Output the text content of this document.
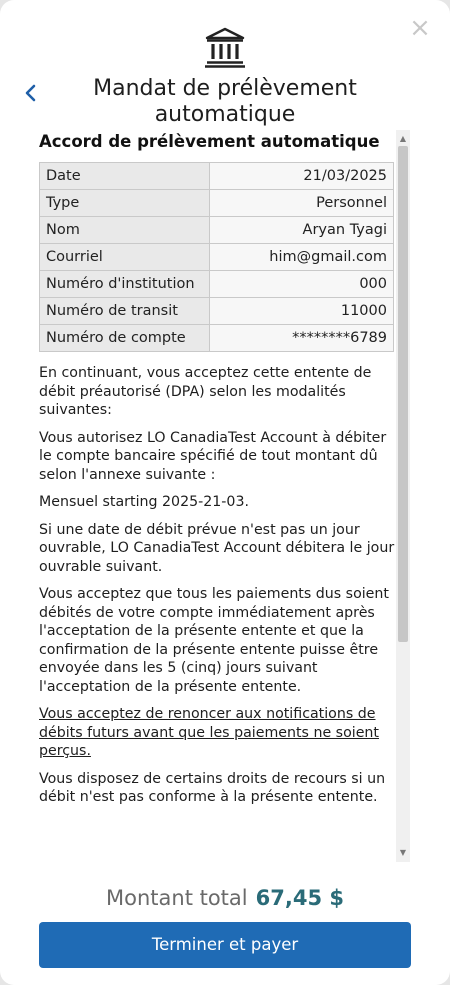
×
Mandat de prélèvement automatique
Accord de prélèvement automatique
Date	21/03/2025
Type	Personnel
Nom	Aryan Tyagi
Courriel	him@gmail.com
Numéro d'institution	000
Numéro de transit	11000
Numéro de compte	********6789

En continuant, vous acceptez cette entente de débit préautorisé (DPA) selon les modalités suivantes:

Vous autorisez LO CanadiaTest Account à débiter le compte bancaire spécifié de tout montant dû selon l'annexe suivante :

Mensuel starting 2025-21-03.

Si une date de débit prévue n'est pas un jour ouvrable, LO CanadiaTest Account débitera le jour ouvrable suivant.

Vous acceptez que tous les paiements dus soient débités de votre compte immédiatement après l'acceptation de la présente entente et que la confirmation de la présente entente puisse être envoyée dans les 5 (cinq) jours suivant l'acceptation de la présente entente.

Vous acceptez de renoncer aux notifications de débits futurs avant que les paiements ne soient perçus.

Vous disposez de certains droits de recours si un débit n'est pas conforme à la présente entente.

▲
▼
Montant total 67,45 $
Terminer et payer
